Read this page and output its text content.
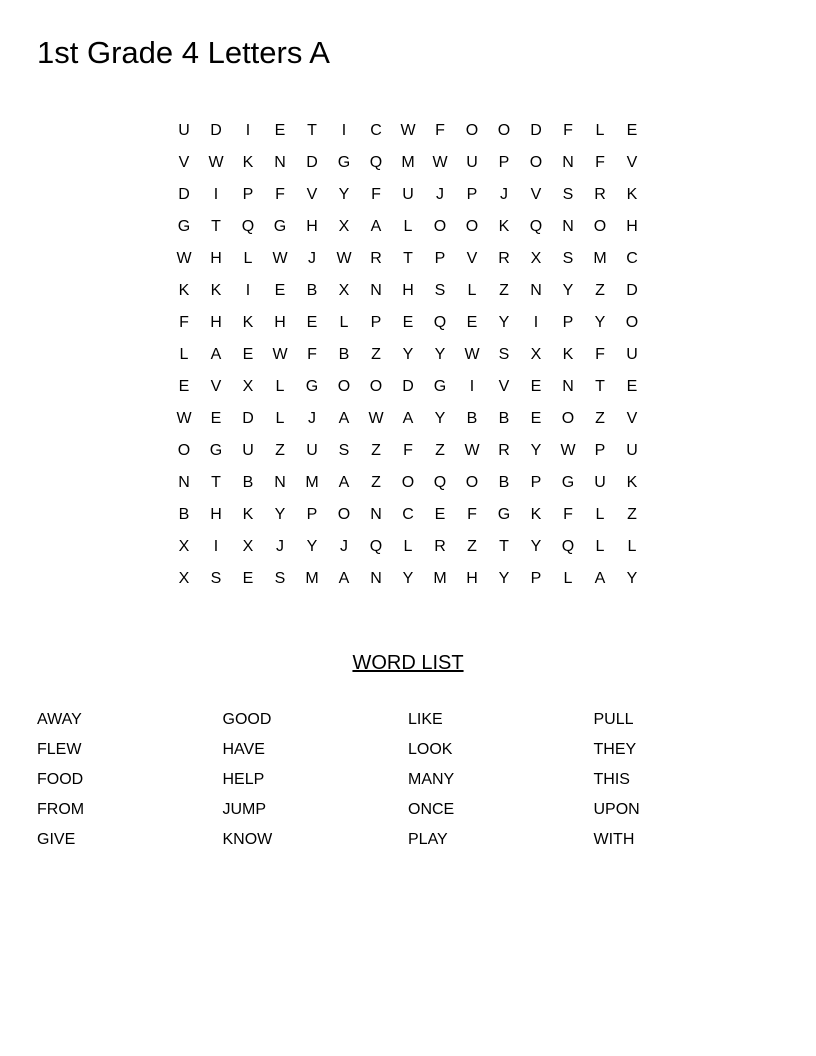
1st Grade 4 Letters A
U	D	I	E	T	I	C	W	F	O	O	D	F	L	E
V	W	K	N	D	G	Q	M	W	U	P	O	N	F	V
D	I	P	F	V	Y	F	U	J	P	J	V	S	R	K
G	T	Q	G	H	X	A	L	O	O	K	Q	N	O	H
W	H	L	W	J	W	R	T	P	V	R	X	S	M	C
K	K	I	E	B	X	N	H	S	L	Z	N	Y	Z	D
F	H	K	H	E	L	P	E	Q	E	Y	I	P	Y	O
L	A	E	W	F	B	Z	Y	Y	W	S	X	K	F	U
E	V	X	L	G	O	O	D	G	I	V	E	N	T	E
W	E	D	L	J	A	W	A	Y	B	B	E	O	Z	V
O	G	U	Z	U	S	Z	F	Z	W	R	Y	W	P	U
N	T	B	N	M	A	Z	O	Q	O	B	P	G	U	K
B	H	K	Y	P	O	N	C	E	F	G	K	F	L	Z
X	I	X	J	Y	J	Q	L	R	Z	T	Y	Q	L	L
X	S	E	S	M	A	N	Y	M	H	Y	P	L	A	Y
WORD LIST
AWAY	GOOD	LIKE	PULL
FLEW	HAVE	LOOK	THEY
FOOD	HELP	MANY	THIS
FROM	JUMP	ONCE	UPON
GIVE	KNOW	PLAY	WITH
